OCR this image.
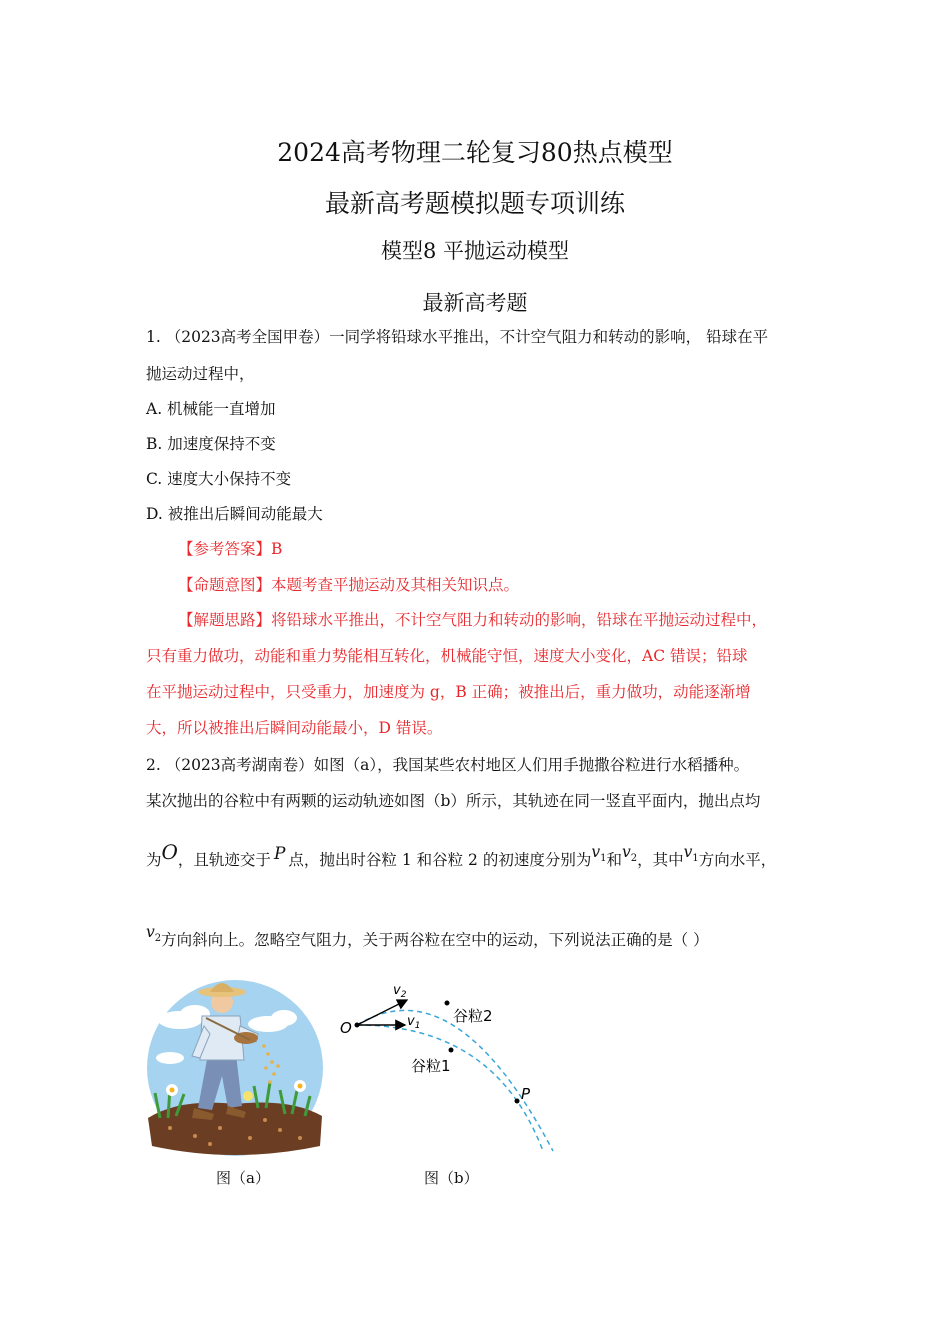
2024高考物理二轮复习80热点模型
最新高考题模拟题专项训练
模型8 平抛运动模型
最新高考题
1. （2023高考全国甲卷）一同学将铅球水平推出，不计空气阻力和转动的影响， 铅球在平
抛运动过程中，
A. 机械能一直增加
B. 加速度保持不变
C. 速度大小保持不变
D. 被推出后瞬间动能最大
【参考答案】B
【命题意图】本题考查平抛运动及其相关知识点。
【解题思路】将铅球水平推出，不计空气阻力和转动的影响，铅球在平抛运动过程中，
只有重力做功，动能和重力势能相互转化，机械能守恒，速度大小变化，AC 错误；铅球
在平抛运动过程中，只受重力，加速度为 g，B 正确；被推出后，重力做功，动能逐渐增
大，所以被推出后瞬间动能最小，D 错误。
2. （2023高考湖南卷）如图（a），我国某些农村地区人们用手抛撒谷粒进行水稻播种。
某次抛出的谷粒中有两颗的运动轨迹如图（b）所示，其轨迹在同一竖直平面内，抛出点均
为O，且轨迹交于 P 点，抛出时谷粒 1 和谷粒 2 的初速度分别为$v_1$和$v_2$，其中$v_1$方向水平，
$v_2$方向斜向上。忽略空气阻力，关于两谷粒在空中的运动，下列说法正确的是（ ）
O
P
$v_2$
$v_1$
谷粒2
谷粒1
图（a）	图（b）
